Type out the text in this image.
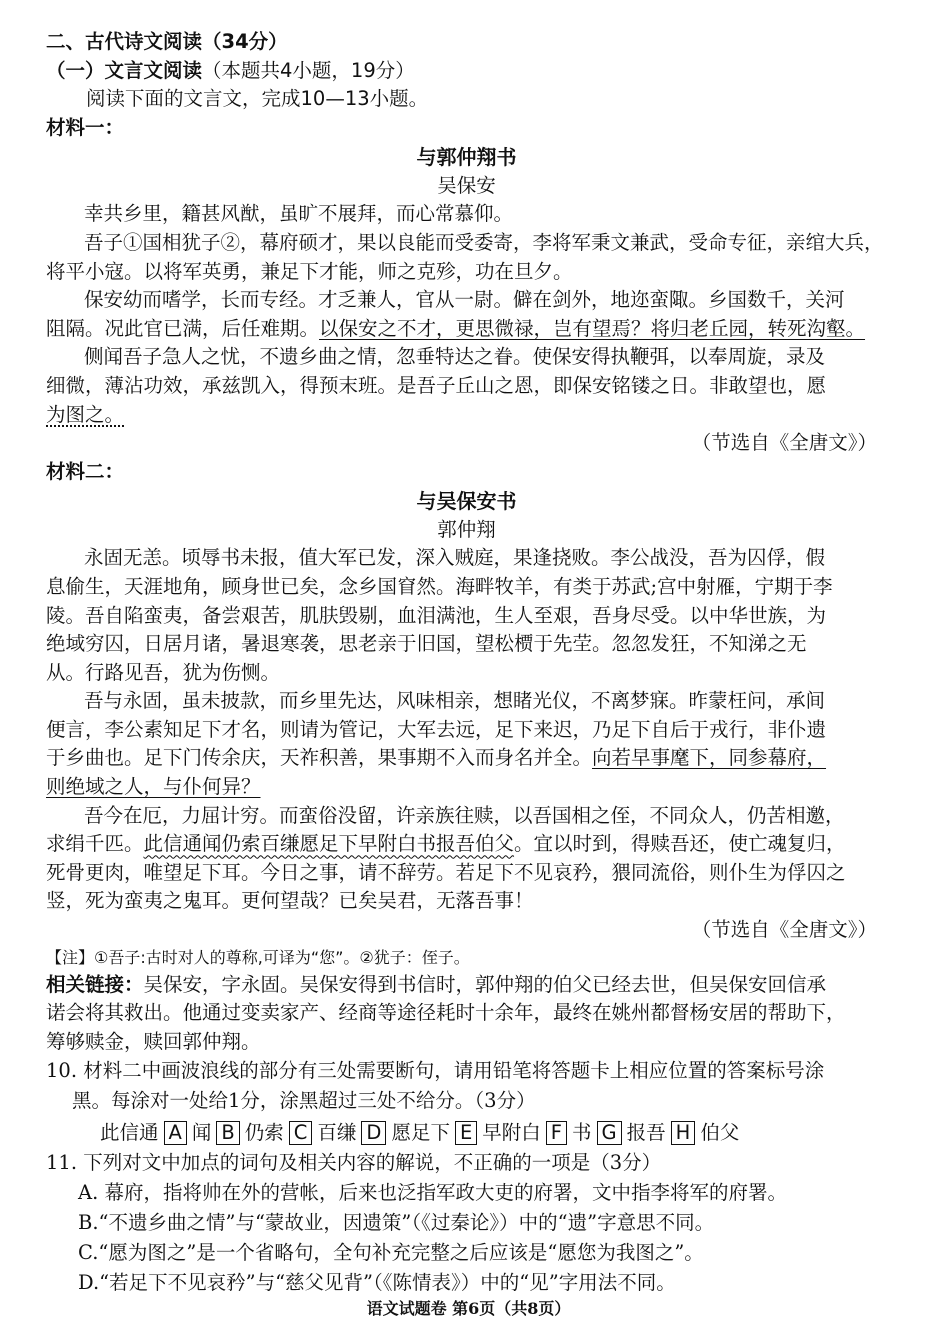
二、古代诗文阅读（34分）

（一）文言文阅读（本题共4小题，19分）

阅读下面的文言文，完成10—13小题。

材料一：

与郭仲翔书

吴保安

幸共乡里，籍甚风猷，虽旷不展拜，而心常慕仰。

吾子①国相犹子②，幕府硕才，果以良能而受委寄，李将军秉文兼武，受命专征，亲绾大兵，

将平小寇。以将军英勇，兼足下才能，师之克殄，功在旦夕。

保安幼而嗜学，长而专经。才乏兼人，官从一尉。僻在剑外，地迩蛮陬。乡国数千，关河

阻隔。况此官已满，后任难期。以保安之不才，更思微禄，岂有望焉？将归老丘园，转死沟壑。

侧闻吾子急人之忧，不遗乡曲之情，忽垂特达之眷。使保安得执鞭弭，以奉周旋，录及

细微，薄沾功效，承兹凯入，得预末班。是吾子丘山之恩，即保安铭镂之日。非敢望也，愿

为图之。

（节选自《全唐文》）

材料二：

与吴保安书

郭仲翔

永固无恙。顷辱书未报，值大军已发，深入贼庭，果逢挠败。李公战没，吾为囚俘，假

息偷生，天涯地角，顾身世已矣，念乡国窅然。海畔牧羊，有类于苏武;宫中射雁，宁期于李

陵。吾自陷蛮夷，备尝艰苦，肌肤毁剔，血泪满池，生人至艰，吾身尽受。以中华世族，为

绝域穷囚，日居月诸，暑退寒袭，思老亲于旧国，望松槚于先茔。忽忽发狂，不知涕之无

从。行路见吾，犹为伤恻。

吾与永固，虽未披款，而乡里先达，风味相亲，想睹光仪，不离梦寐。昨蒙枉问，承间

便言，李公素知足下才名，则请为管记，大军去远，足下来迟，乃足下自后于戎行，非仆遗

于乡曲也。足下门传余庆，天祚积善，果事期不入而身名并全。向若早事麾下，同参幕府，

则绝域之人，与仆何异？

吾今在厄，力屈计穷。而蛮俗没留，许亲族往赎，以吾国相之侄，不同众人，仍苦相邀，

求绢千匹。此信通闻仍索百缣愿足下早附白书报吾伯父。宜以时到，得赎吾还，使亡魂复归，

死骨更肉，唯望足下耳。今日之事，请不辞劳。若足下不见哀矜，猥同流俗，则仆生为俘囚之

竖，死为蛮夷之鬼耳。更何望哉？已矣吴君，无落吾事！

（节选自《全唐文》）

【注】①吾子:古时对人的尊称,可译为“您”。②犹子：侄子。

相关链接：吴保安，字永固。吴保安得到书信时，郭仲翔的伯父已经去世，但吴保安回信承

诺会将其救出。他通过变卖家产、经商等途径耗时十余年，最终在姚州都督杨安居的帮助下，

筹够赎金，赎回郭仲翔。

10. 材料二中画波浪线的部分有三处需要断句，请用铅笔将答题卡上相应位置的答案标号涂

黑。每涂对一处给1分，涂黑超过三处不给分。（3分）

此信通 A 闻 B 仍索 C 百缣 D 愿足下 E 早附白 F 书 G 报吾 H 伯父

11. 下列对文中加点的词句及相关内容的解说，不正确的一项是（3分）

A. 幕府，指将帅在外的营帐，后来也泛指军政大吏的府署，文中指李将军的府署。

B.“不遗乡曲之情”与“蒙故业，因遗策”（《过秦论》）中的“遗”字意思不同。

C.“愿为图之”是一个省略句，全句补充完整之后应该是“愿您为我图之”。

D.“若足下不见哀矜”与“慈父见背”（《陈情表》）中的“见”字用法不同。

语文试题卷 第6页（共8页）
